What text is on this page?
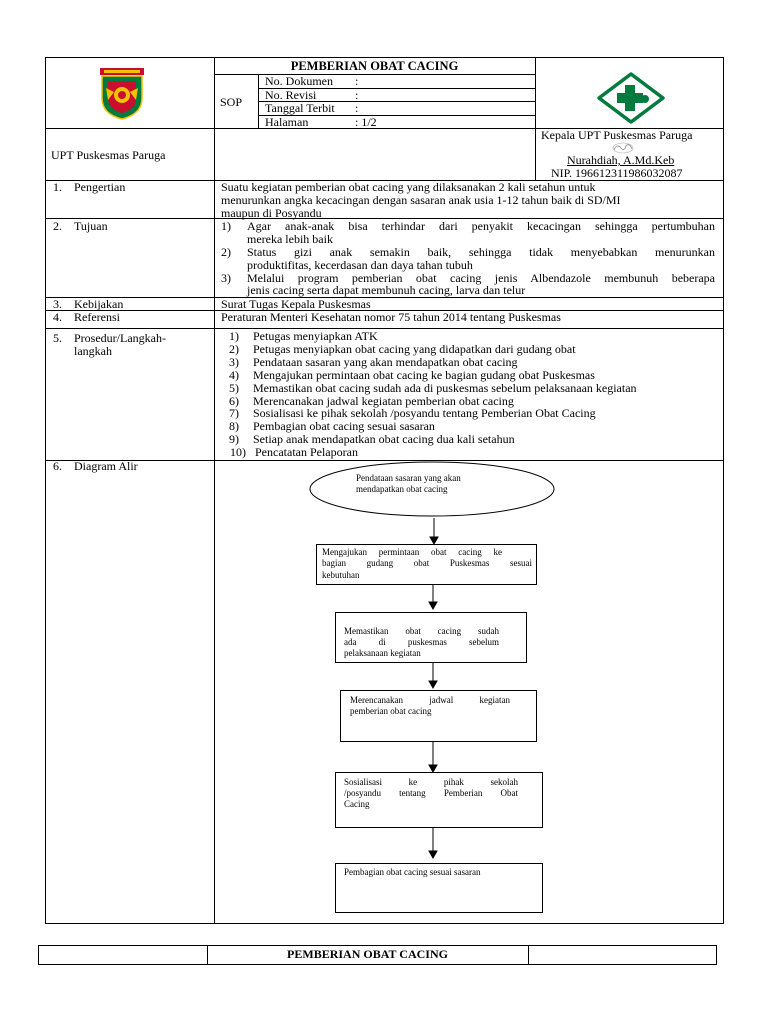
PEMBERIAN OBAT CACING
SOP
No. Dokumen :
No. Revisi	:
Tanggal Terbit :
Halaman	: 1/2
UPT Puskesmas Paruga
Kepala UPT Puskesmas Paruga
Nurahdiah, A.Md.Keb
NIP. 196612311986032087
1. Pengertian	Suatu kegiatan pemberian obat cacing yang dilaksanakan 2 kali setahun untuk
menurunkan angka kecacingan dengan sasaran anak usia 1-12 tahun baik di SD/MI
maupun di Posyandu
2. Tujuan	1) Agar anak-anak bisa terhindar dari penyakit kecacingan sehingga pertumbuhan
mereka lebih baik
2) Status gizi anak semakin baik, sehingga tidak menyebabkan menurunkan
produktifitas, kecerdasan dan daya tahan tubuh
3) Melalui program pemberian obat cacing jenis Albendazole membunuh beberapa
jenis cacing serta dapat membunuh cacing, larva dan telur
3. Kebijakan	Surat Tugas Kepala Puskesmas
4. Referensi	Peraturan Menteri Kesehatan nomor 75 tahun 2014 tentang Puskesmas
5. Prosedur/Langkah-
langkah
1) Petugas menyiapkan ATK
2) Petugas menyiapkan obat cacing yang didapatkan dari gudang obat
3) Pendataan sasaran yang akan mendapatkan obat cacing
4) Mengajukan permintaan obat cacing ke bagian gudang obat Puskesmas
5) Memastikan obat cacing sudah ada di puskesmas sebelum pelaksanaan kegiatan
6) Merencanakan jadwal kegiatan pemberian obat cacing
7) Sosialisasi ke pihak sekolah /posyandu tentang Pemberian Obat Cacing
8) Pembagian obat cacing sesuai sasaran
9) Setiap anak mendapatkan obat cacing dua kali setahun
10) Pencatatan Pelaporan
6. Diagram Alir
Pendataan sasaran yang akan
mendapatkan obat cacing
Mengajukan permintaan obat cacing ke
bagian gudang obat Puskesmas sesuai
kebutuhan
Memastikan obat cacing sudah
ada di puskesmas sebelum
pelaksanaan kegiatan
Merencanakan jadwal kegiatan
pemberian obat cacing
Sosialisasi ke pihak sekolah
/posyandu tentang Pemberian Obat
Cacing
Pembagian obat cacing sesuai sasaran
PEMBERIAN OBAT CACING
